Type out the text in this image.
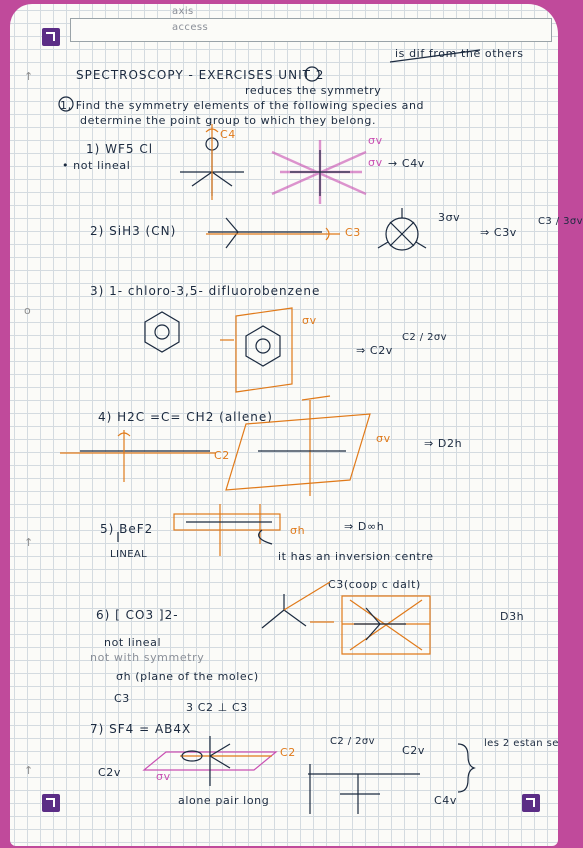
↑
o
↑
↑
axis
access
is dif from the others
SPECTROSCOPY - EXERCISES UNIT 2
reduces the symmetry
1, Find the symmetry elements of the following species and
determine the point group to which they belong.
1) WF5 Cl
• not lineal
C4	σv
σv → C4v
2) SiH3 (CN)	C3
3σv
⇒ C3v
C3 / 3σv
3) 1- chloro-3,5- difluorobenzene
σv
⇒ C2v
C2 / 2σv
4) H2C =C= CH2 (allene)
σv	⇒ D2h
C2
5) BeF2
LINEAL
σh	⇒ D∞h
it has an inversion centre
6) [ CO3 ]2-
C3(coop c dalt)
D3h
not lineal
not with symmetry
σh (plane of the molec)
C3
3 C2 ⊥ C3
7) SF4 = AB4X
C2v	σv
C2
C2 / 2σv
C2v
les 2 estan se
alone pair long	C4v
